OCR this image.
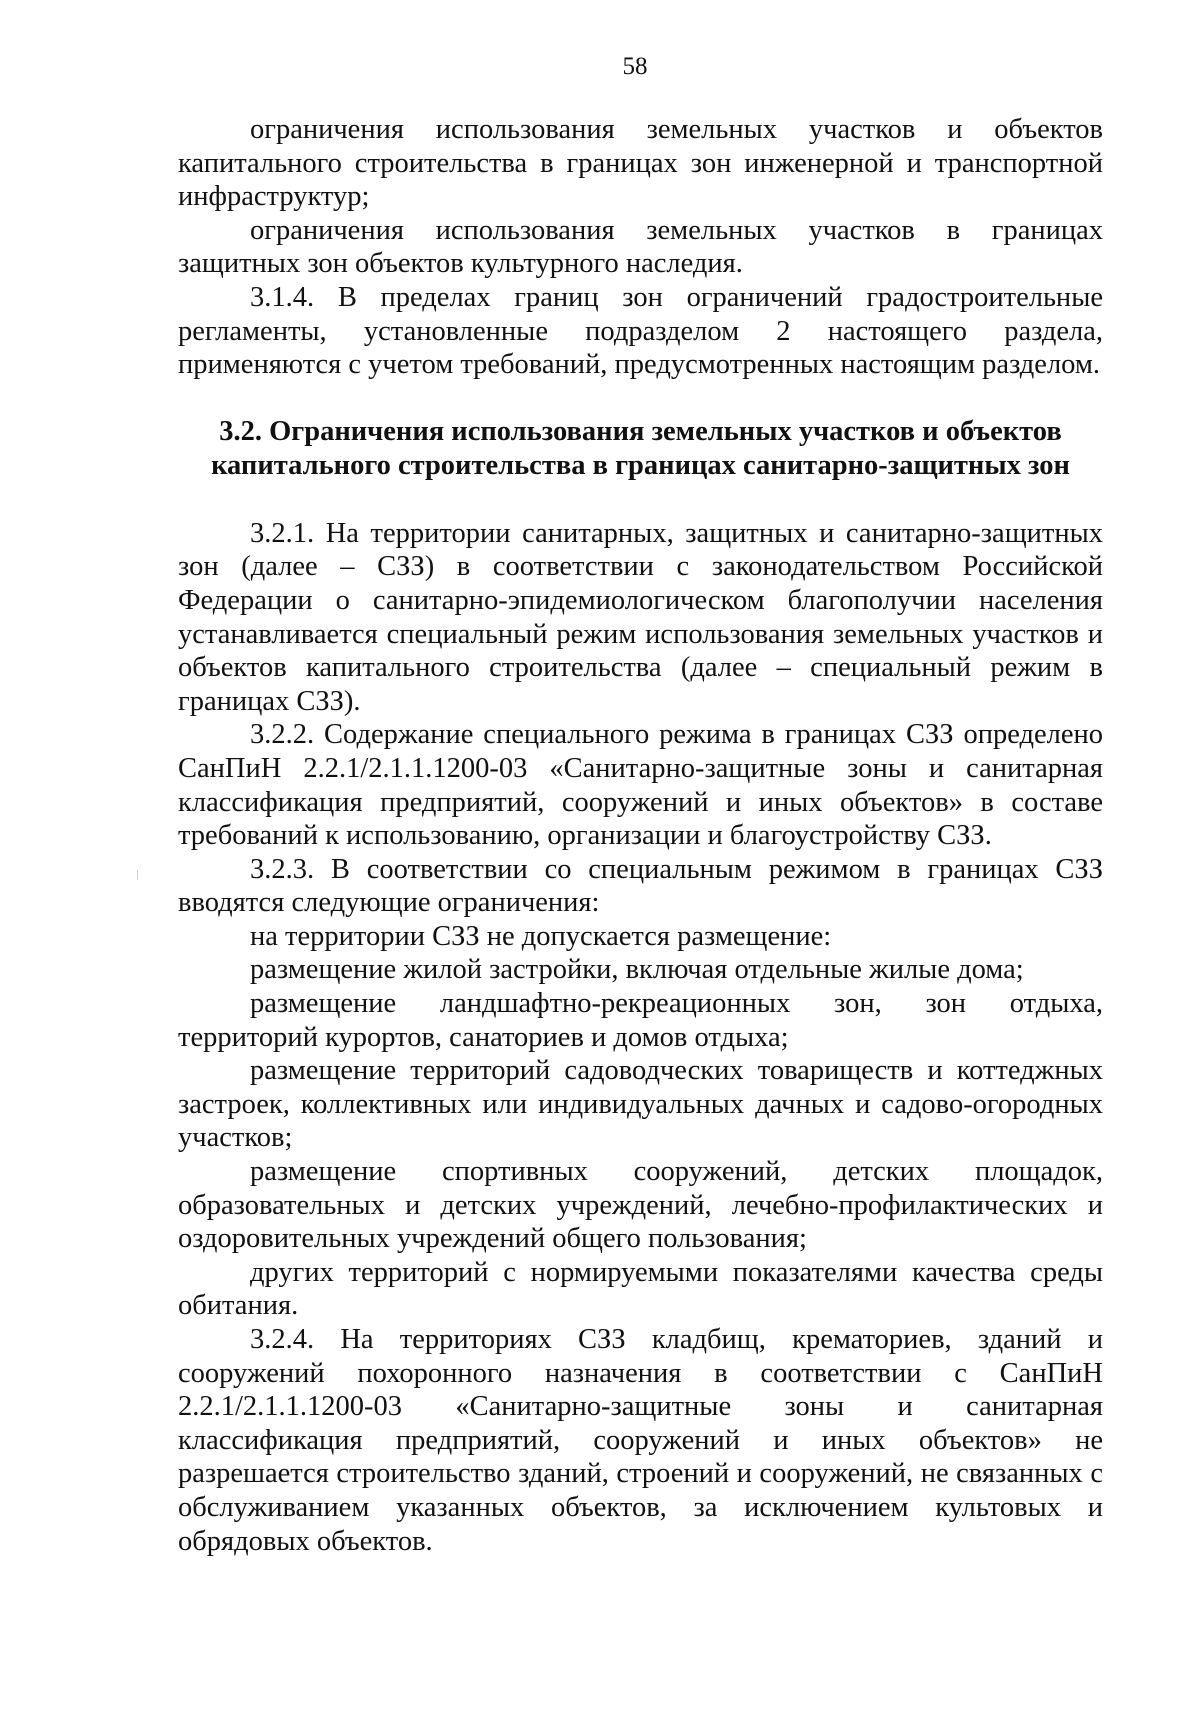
58

ограничения использования земельных участков и объектов капитального строительства в границах зон инженерной и транспортной инфраструктур;

ограничения использования земельных участков в границах защитных зон объектов культурного наследия.

3.1.4. В пределах границ зон ограничений градостроительные регламенты, установленные подразделом 2 настоящего раздела, применяются с учетом требований, предусмотренных настоящим разделом.

3.2. Ограничения использования земельных участков и объектов
капитального строительства в границах санитарно-защитных зон

3.2.1. На территории санитарных, защитных и санитарно-защитных зон (далее – СЗЗ) в соответствии с законодательством Российской Федерации о санитарно-эпидемиологическом благополучии населения устанавливается специальный режим использования земельных участков и объектов капитального строительства (далее – специальный режим в границах СЗЗ).

3.2.2. Содержание специального режима в границах СЗЗ определено СанПиН 2.2.1/2.1.1.1200-03 «Санитарно-защитные зоны и санитарная классификация предприятий, сооружений и иных объектов» в составе требований к использованию, организации и благоустройству СЗЗ.

3.2.3. В соответствии со специальным режимом в границах СЗЗ вводятся следующие ограничения:

на территории СЗЗ не допускается размещение:

размещение жилой застройки, включая отдельные жилые дома;

размещение ландшафтно-рекреационных зон, зон отдыха, территорий курортов, санаториев и домов отдыха;

размещение территорий садоводческих товариществ и коттеджных застроек, коллективных или индивидуальных дачных и садово-огородных участков;

размещение спортивных сооружений, детских площадок, образовательных и детских учреждений, лечебно-профилактических и оздоровительных учреждений общего пользования;

других территорий с нормируемыми показателями качества среды обитания.

3.2.4. На территориях СЗЗ кладбищ, крематориев, зданий и сооружений похоронного назначения в соответствии с СанПиН 2.2.1/2.1.1.1200-03 «Санитарно-защитные зоны и санитарная классификация предприятий, сооружений и иных объектов» не разрешается строительство зданий, строений и сооружений, не связанных с обслуживанием указанных объектов, за исключением культовых и обрядовых объектов.
